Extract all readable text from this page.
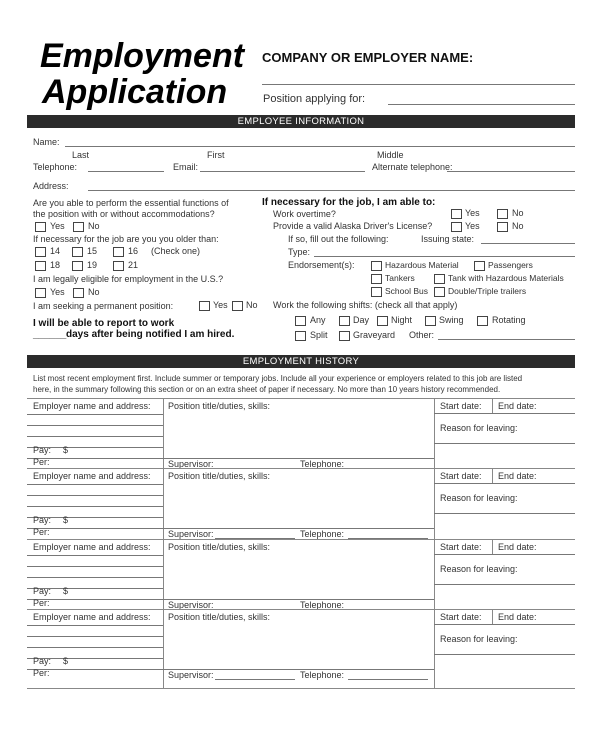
Employment
Application
COMPANY OR EMPLOYER NAME:
Position applying for:
EMPLOYEE INFORMATION
Name:
Last	First	Middle
Telephone:	Email:	Alternate telephone:
Address:
Are you able to perform the essential functions of
the position with or without accommodations?
Yes	No
If necessary for the job are you you older than:
14	15	16 (Check one)
18	19	21
I am legally eligible for employment in the U.S.?
Yes	No
I am seeking a permanent position:	Yes No
I will be able to report to work
______ days after being notified I am hired.
If necessary for the job, I am able to:
Work overtime?	Yes	No
Provide a valid Alaska Driver's License?	Yes	No
If so, fill out the following:	Issuing state:
Type:
Endorsement(s):	Hazardous Material	Passengers
Tankers	Tank with Hazardous Materials
School Bus Double/Triple trailers
Work the following shifts: (check all that apply)
Any	Day Night	Swing	Rotating
Split	Graveyard Other:
EMPLOYMENT HISTORY
List most recent employment first. Include summer or temporary jobs. Include all your experience or employers related to this job are listed
here, in the summary following this section or on an extra sheet of paper if necessary. No more than 10 years history recommended.
Employer name and address:
Pay: $
Per:
Position title/duties, skills:
Supervisor:	Telephone:
Start date: End date:
Reason for leaving:
Employer name and address:
Pay: $
Per:
Position title/duties, skills:
Supervisor:	Telephone:
Start date: End date:
Reason for leaving:
Employer name and address:
Pay: $
Per:
Position title/duties, skills:
Supervisor:	Telephone:
Start date: End date:
Reason for leaving:
Employer name and address:
Pay: $
Per:
Position title/duties, skills:
Supervisor:	Telephone:
Start date: End date:
Reason for leaving:
